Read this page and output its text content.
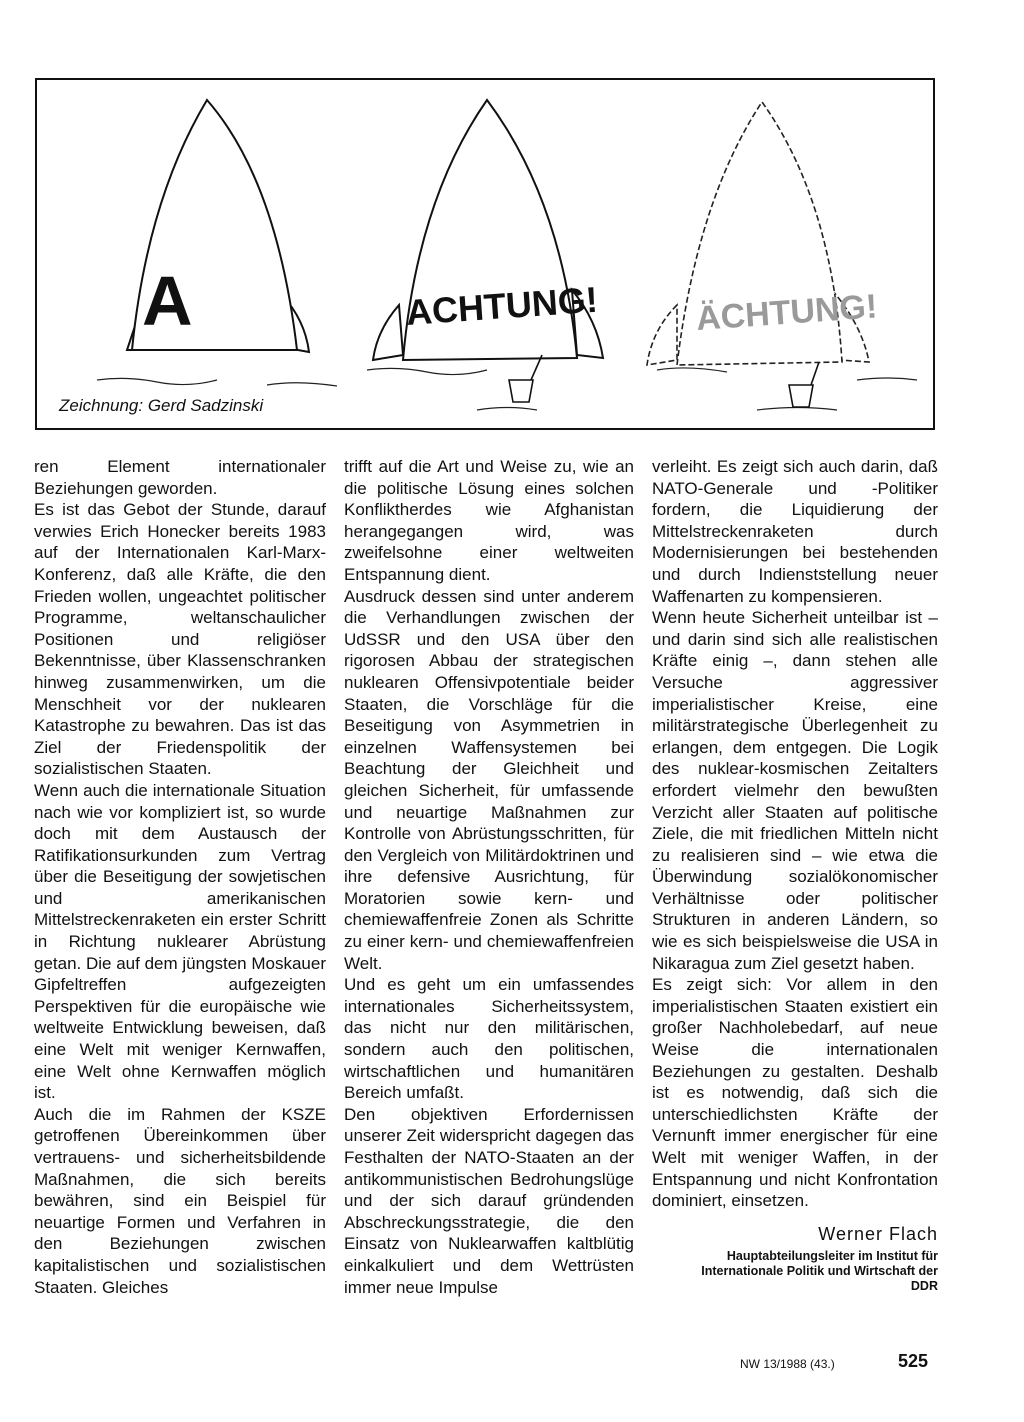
A	ACHTUNG!	ÄCHTUNG!
Zeichnung: Gerd Sadzinski

ren Element internationaler Beziehungen geworden.

Es ist das Gebot der Stunde, darauf verwies Erich Honecker bereits 1983 auf der Internationalen Karl-Marx-Konferenz, daß alle Kräfte, die den Frieden wollen, ungeachtet politischer Programme, weltanschaulicher Positionen und religiöser Bekenntnisse, über Klassenschranken hinweg zusammenwirken, um die Menschheit vor der nuklearen Katastrophe zu bewahren. Das ist das Ziel der Friedenspolitik der sozialistischen Staaten.

Wenn auch die internationale Situation nach wie vor kompliziert ist, so wurde doch mit dem Austausch der Ratifikationsurkunden zum Vertrag über die Beseitigung der sowjetischen und amerikanischen Mittelstreckenraketen ein erster Schritt in Richtung nuklearer Abrüstung getan. Die auf dem jüngsten Moskauer Gipfeltreffen aufgezeigten Perspektiven für die europäische wie weltweite Entwicklung beweisen, daß eine Welt mit weniger Kernwaffen, eine Welt ohne Kernwaffen möglich ist.

Auch die im Rahmen der KSZE getroffenen Übereinkommen über vertrauens- und sicherheitsbildende Maßnahmen, die sich bereits bewähren, sind ein Beispiel für neuartige Formen und Verfahren in den Beziehungen zwischen kapitalistischen und sozialistischen Staaten. Gleiches

trifft auf die Art und Weise zu, wie an die politische Lösung eines solchen Konfliktherdes wie Afghanistan herangegangen wird, was zweifelsohne einer weltweiten Entspannung dient.

Ausdruck dessen sind unter anderem die Verhandlungen zwischen der UdSSR und den USA über den rigorosen Abbau der strategischen nuklearen Offensivpotentiale beider Staaten, die Vorschläge für die Beseitigung von Asymmetrien in einzelnen Waffensystemen bei Beachtung der Gleichheit und gleichen Sicherheit, für umfassende und neuartige Maßnahmen zur Kontrolle von Abrüstungsschritten, für den Vergleich von Militärdoktrinen und ihre defensive Ausrichtung, für Moratorien sowie kern- und chemiewaffenfreie Zonen als Schritte zu einer kern- und chemiewaffenfreien Welt.

Und es geht um ein umfassendes internationales Sicherheitssystem, das nicht nur den militärischen, sondern auch den politischen, wirtschaftlichen und humanitären Bereich umfaßt.

Den objektiven Erfordernissen unserer Zeit widerspricht dagegen das Festhalten der NATO-Staaten an der antikommunistischen Bedrohungslüge und der sich darauf gründenden Abschreckungsstrategie, die den Einsatz von Nuklearwaffen kaltblütig einkalkuliert und dem Wettrüsten immer neue Impulse

verleiht. Es zeigt sich auch darin, daß NATO-Generale und -Politiker fordern, die Liquidierung der Mittelstreckenraketen durch Modernisierungen bei bestehenden und durch Indienststellung neuer Waffenarten zu kompensieren.

Wenn heute Sicherheit unteilbar ist – und darin sind sich alle realistischen Kräfte einig –, dann stehen alle Versuche aggressiver imperialistischer Kreise, eine militärstrategische Überlegenheit zu erlangen, dem entgegen. Die Logik des nuklear-kosmischen Zeitalters erfordert vielmehr den bewußten Verzicht aller Staaten auf politische Ziele, die mit friedlichen Mitteln nicht zu realisieren sind – wie etwa die Überwindung sozialökonomischer Verhältnisse oder politischer Strukturen in anderen Ländern, so wie es sich beispielsweise die USA in Nikaragua zum Ziel gesetzt haben.

Es zeigt sich: Vor allem in den imperialistischen Staaten existiert ein großer Nachholebedarf, auf neue Weise die internationalen Beziehungen zu gestalten. Deshalb ist es notwendig, daß sich die unterschiedlichsten Kräfte der Vernunft immer energischer für eine Welt mit weniger Waffen, in der Entspannung und nicht Konfrontation dominiert, einsetzen.

Werner Flach

Hauptabteilungsleiter im Institut für
Internationale Politik und Wirtschaft der
DDR
NW 13/1988 (43.)	525
